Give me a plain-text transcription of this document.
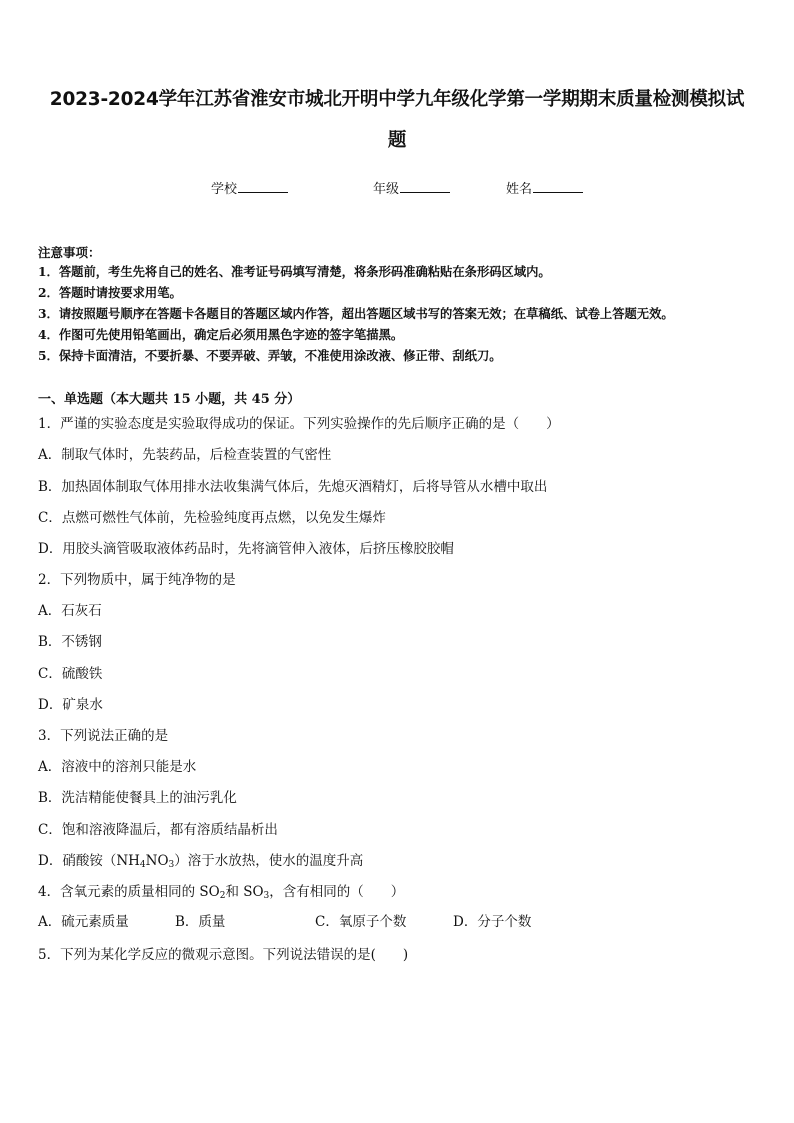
2023-2024学年江苏省淮安市城北开明中学九年级化学第一学期期末质量检测模拟试
题
学校	年级	姓名
注意事项：
1．答题前，考生先将自己的姓名、准考证号码填写清楚，将条形码准确粘贴在条形码区域内。
2．答题时请按要求用笔。
3．请按照题号顺序在答题卡各题目的答题区域内作答，超出答题区域书写的答案无效；在草稿纸、试卷上答题无效。
4．作图可先使用铅笔画出，确定后必须用黑色字迹的签字笔描黑。
5．保持卡面清洁，不要折暴、不要弄破、弄皱，不准使用涂改液、修正带、刮纸刀。
一、单选题（本大题共 15 小题，共 45 分）
1．严谨的实验态度是实验取得成功的保证。下列实验操作的先后顺序正确的是（　　）
A．制取气体时，先装药品，后检查装置的气密性
B．加热固体制取气体用排水法收集满气体后，先熄灭酒精灯，后将导管从水槽中取出
C．点燃可燃性气体前，先检验纯度再点燃，以免发生爆炸
D．用胶头滴管吸取液体药品时，先将滴管伸入液体，后挤压橡胶胶帽
2．下列物质中，属于纯净物的是
A．石灰石
B．不锈钢
C．硫酸铁
D．矿泉水
3．下列说法正确的是
A．溶液中的溶剂只能是水
B．洗洁精能使餐具上的油污乳化
C．饱和溶液降温后，都有溶质结晶析出
D．硝酸铵$(NH_4NO_3)$溶于水放热，使水的温度升高
4．含氧元素的质量相同的 $SO_2$和 $SO_3$，含有相同的（　　）
A．硫元素质量	B．质量	C．氧原子个数	D．分子个数
5．下列为某化学反应的微观示意图。下列说法错误的是(　　)
